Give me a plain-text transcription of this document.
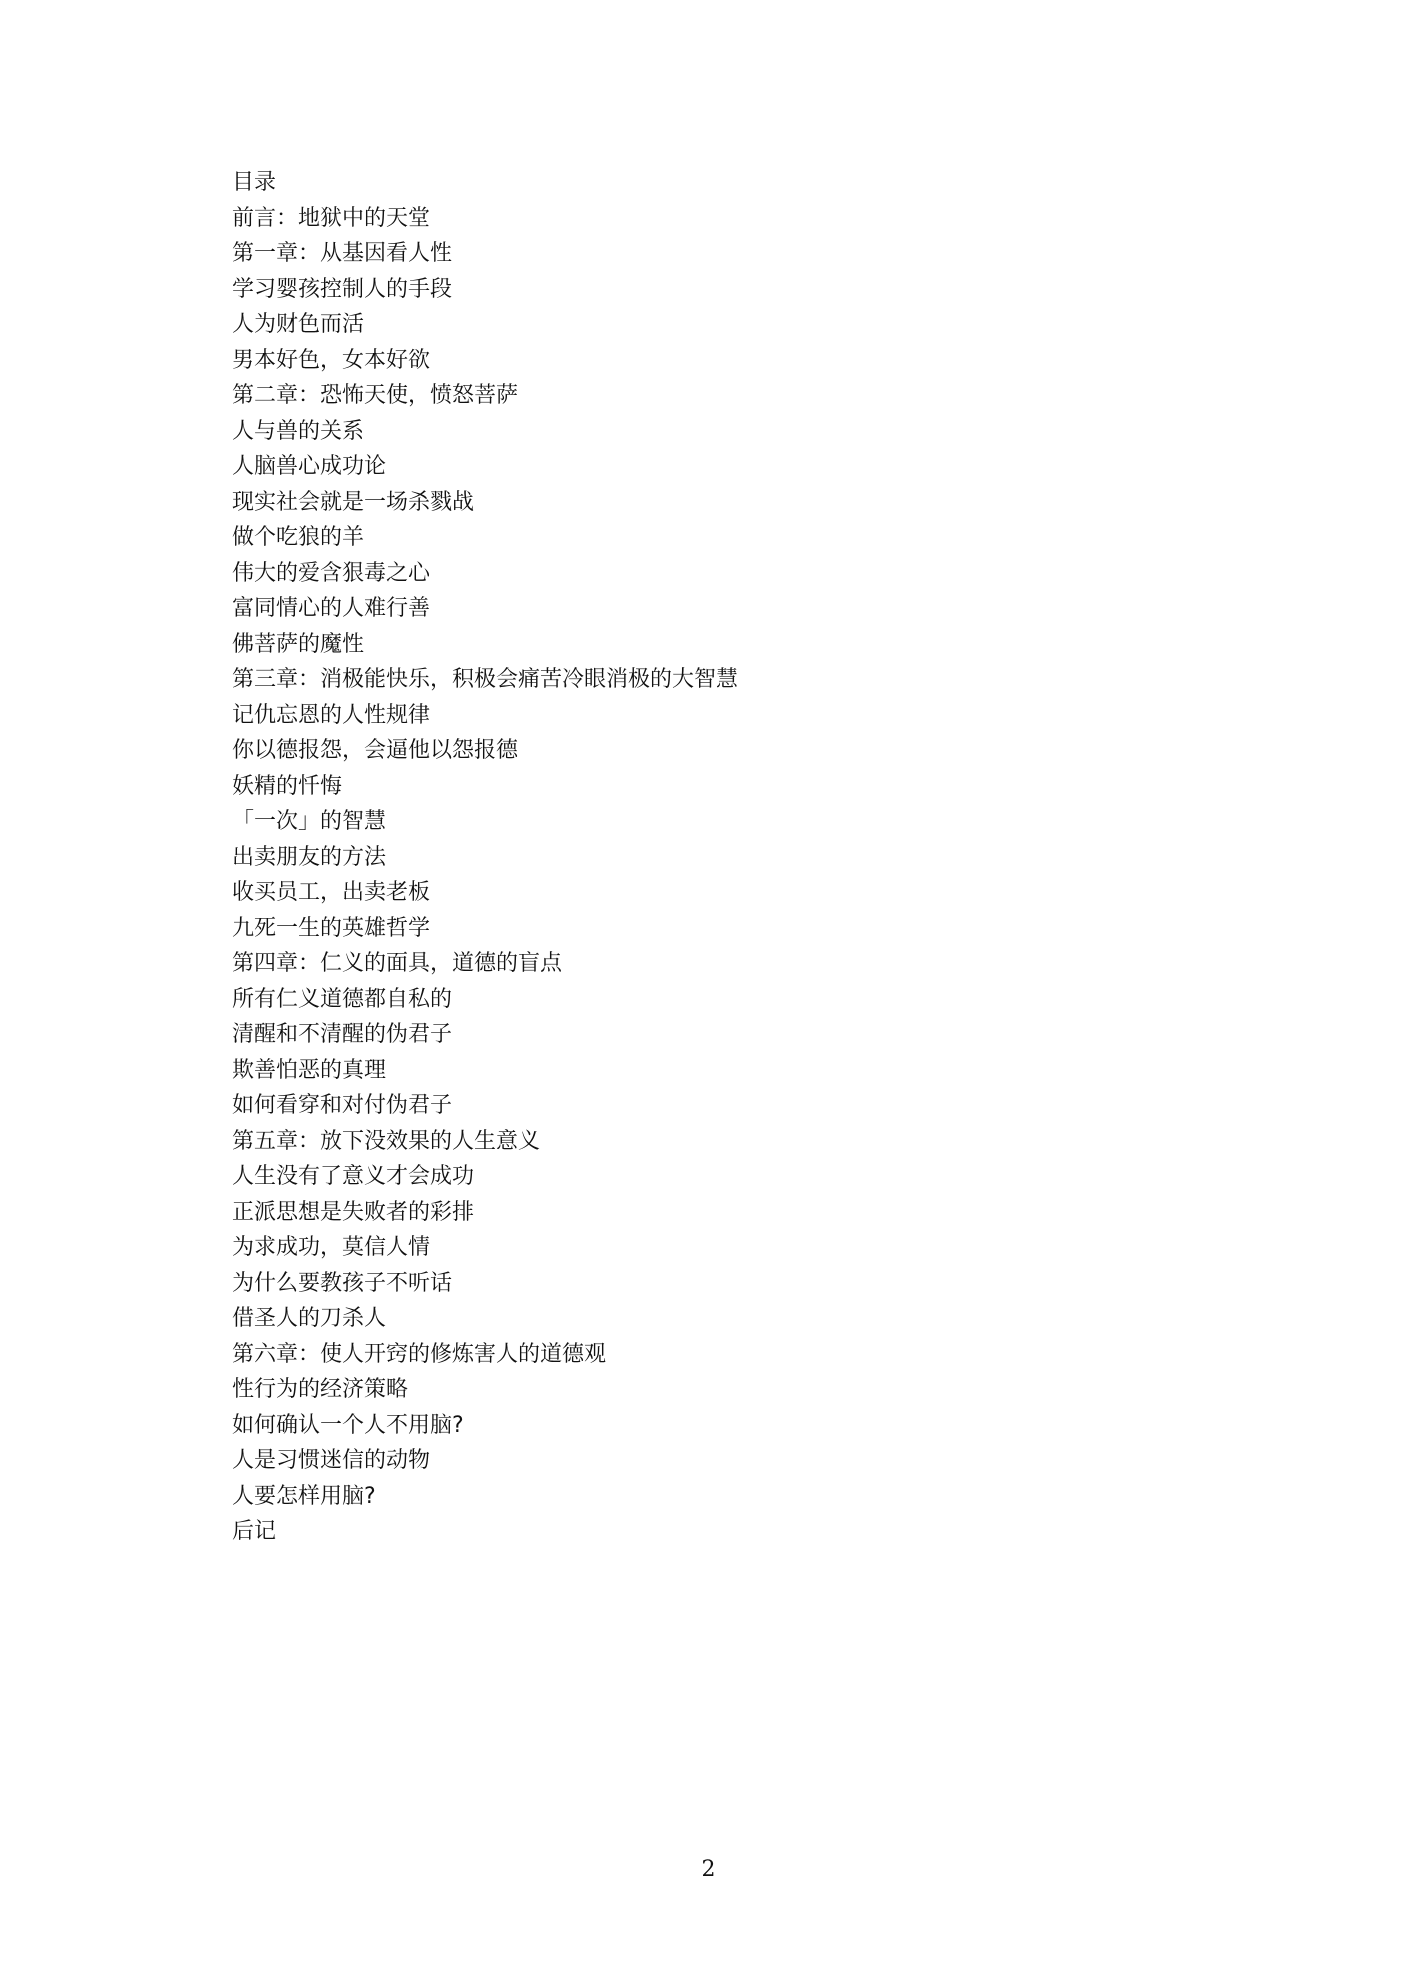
目录

前言：地狱中的天堂

第一章：从基因看人性

学习婴孩控制人的手段

人为财色而活

男本好色，女本好欲

第二章：恐怖天使，愤怒菩萨

人与兽的关系

人脑兽心成功论

现实社会就是一场杀戮战

做个吃狼的羊

伟大的爱含狠毒之心

富同情心的人难行善

佛菩萨的魔性

第三章：消极能快乐，积极会痛苦冷眼消极的大智慧

记仇忘恩的人性规律

你以德报怨，会逼他以怨报德

妖精的忏悔

「一次」的智慧

出卖朋友的方法

收买员工，出卖老板

九死一生的英雄哲学

第四章：仁义的面具，道德的盲点

所有仁义道德都自私的

清醒和不清醒的伪君子

欺善怕恶的真理

如何看穿和对付伪君子

第五章：放下没效果的人生意义

人生没有了意义才会成功

正派思想是失败者的彩排

为求成功，莫信人情

为什么要教孩子不听话

借圣人的刀杀人

第六章：使人开窍的修炼害人的道德观

性行为的经济策略

如何确认一个人不用脑?

人是习惯迷信的动物

人要怎样用脑?

后记

2
